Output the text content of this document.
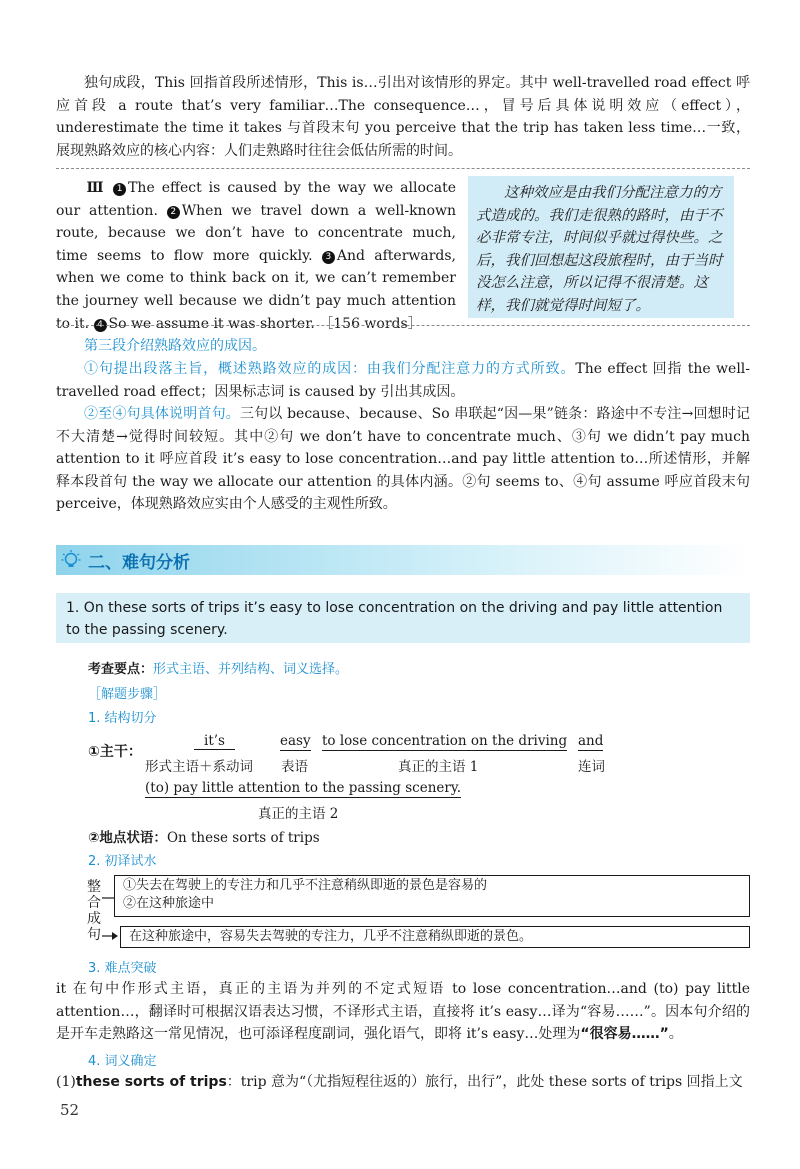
独句成段，This 回指首段所述情形，This is…引出对该情形的界定。其中 well-travelled road effect 呼应首段 a route that’s very familiar…The consequence…，冒号后具体说明效应（effect），underestimate the time it takes 与首段末句 you perceive that the trip has taken less time…一致，展现熟路效应的核心内容：人们走熟路时往往会低估所需的时间。

Ⅲ 1 The effect is caused by the way we allocate our attention. 2 When we travel down a well-known route, because we don’t have to concentrate much, time seems to flow more quickly. 3 And afterwards, when we come to think back on it, we can’t remember the journey well because we didn’t pay much attention to it. 4 So we assume it was shorter. ［156 words］
这种效应是由我们分配注意力的方式造成的。我们走很熟的路时，由于不必非常专注，时间似乎就过得快些。之后，我们回想起这段旅程时，由于当时没怎么注意，所以记得不很清楚。这样，我们就觉得时间短了。

第三段介绍熟路效应的成因。

①句提出段落主旨，概述熟路效应的成因：由我们分配注意力的方式所致。The effect 回指 the well-travelled road effect；因果标志词 is caused by 引出其成因。

②至④句具体说明首句。三句以 because、because、So 串联起“因—果”链条：路途中不专注→回想时记不大清楚→觉得时间较短。其中②句 we don’t have to concentrate much、③句 we didn’t pay much attention to it 呼应首段 it’s easy to lose concentration…and pay little attention to…所述情形，并解释本段首句 the way we allocate our attention 的具体内涵。②句 seems to、④句 assume 呼应首段末句 perceive，体现熟路效应实由个人感受的主观性所致。

二、难句分析
1. On these sorts of trips it’s easy to lose concentration on the driving and pay little attention to the passing scenery.
考查要点：形式主语、并列结构、词义选择。
［解题步骤］
1. 结构切分
①主干：
it’s
形式主语＋系动词
easy
表语
to lose concentration on the driving
真正的主语 1
and
连词
(to) pay little attention to the passing scenery.
真正的主语 2
②地点状语：On these sorts of trips
2. 初译试水
①失去在驾驶上的专注力和几乎不注意稍纵即逝的景色是容易的
②在这种旅途中
整合成句	在这种旅途中，容易失去驾驶的专注力，几乎不注意稍纵即逝的景色。
3. 难点突破

it 在句中作形式主语，真正的主语为并列的不定式短语 to lose concentration…and (to) pay little attention…，翻译时可根据汉语表达习惯，不译形式主语，直接将 it’s easy…译为“容易……”。因本句介绍的是开车走熟路这一常见情况，也可添译程度副词，强化语气，即将 it’s easy…处理为“很容易……”。

4. 词义确定

(1)these sorts of trips：trip 意为“（尤指短程往返的）旅行，出行”，此处 these sorts of trips 回指上文

52
